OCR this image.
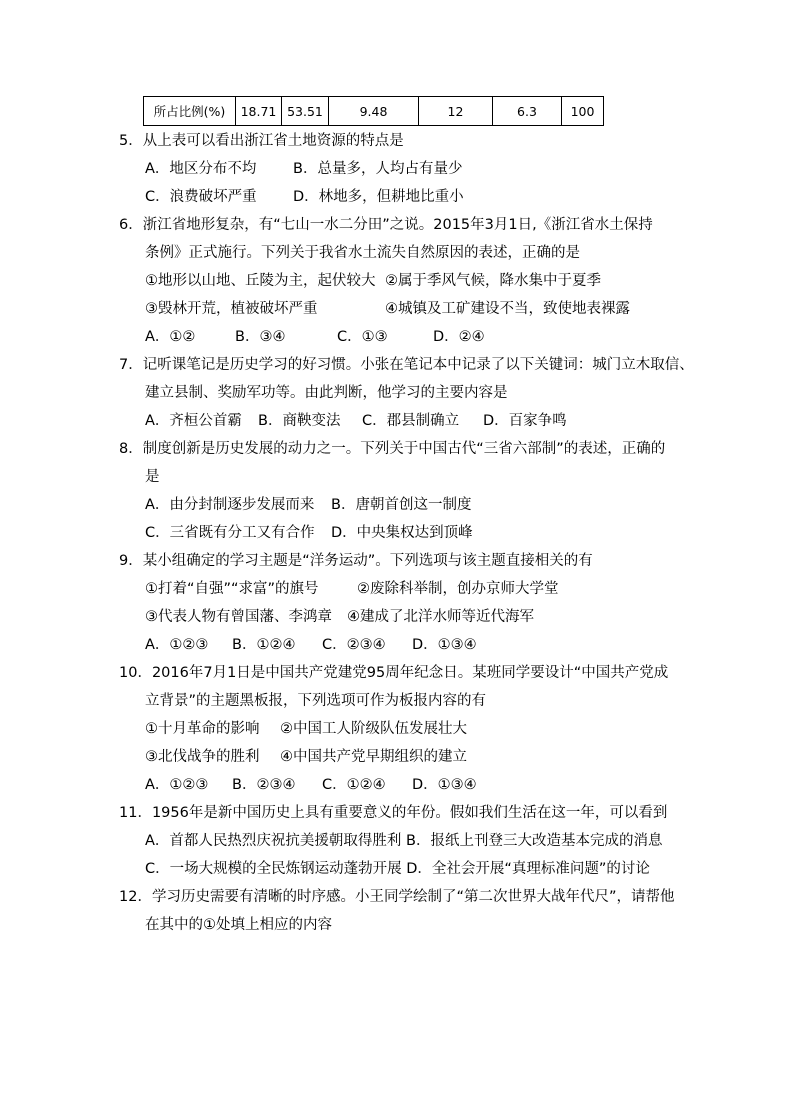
所占比例(%)	18.71	53.51	9.48	12	6.3	100
5．从上表可以看出浙江省土地资源的特点是
A．地区分布不均	B．总量多，人均占有量少
C．浪费破坏严重	D．林地多，但耕地比重小
6．浙江省地形复杂，有“七山一水二分田”之说。2015年3月1日,《浙江省水土保持
条例》正式施行。下列关于我省水土流失自然原因的表述，正确的是
①地形以山地、丘陵为主，起伏较大 ②属于季风气候，降水集中于夏季
③毁林开荒，植被破坏严重	④城镇及工矿建设不当，致使地表裸露
A．①②	B．③④	C．①③	D．②④
7．记听课笔记是历史学习的好习惯。小张在笔记本中记录了以下关键词：城门立木取信、
建立县制、奖励军功等。由此判断，他学习的主要内容是
A．齐桓公首霸 B．商鞅变法 C．郡县制确立 D．百家争鸣
8．制度创新是历史发展的动力之一。下列关于中国古代“三省六部制”的表述，正确的
是
A．由分封制逐步发展而来 B．唐朝首创这一制度
C．三省既有分工又有合作 D．中央集权达到顶峰
9．某小组确定的学习主题是“洋务运动”。下列选项与该主题直接相关的有
①打着“自强”“求富”的旗号	②废除科举制，创办京师大学堂
③代表人物有曾国藩、李鸿章 ④建成了北洋水师等近代海军
A．①②③ B．①②④ C．②③④ D．①③④
10．2016年7月1日是中国共产党建党95周年纪念日。某班同学要设计“中国共产党成
立背景”的主题黑板报，下列选项可作为板报内容的有
①十月革命的影响 ②中国工人阶级队伍发展壮大
③北伐战争的胜利 ④中国共产党早期组织的建立
A．①②③ B．②③④ C．①②④ D．①③④
11．1956年是新中国历史上具有重要意义的年份。假如我们生活在这一年，可以看到
A．首都人民热烈庆祝抗美援朝取得胜利 B．报纸上刊登三大改造基本完成的消息
C．一场大规模的全民炼钢运动蓬勃开展 D．全社会开展“真理标准问题”的讨论
12．学习历史需要有清晰的时序感。小王同学绘制了“第二次世界大战年代尺”，请帮他
在其中的①处填上相应的内容
